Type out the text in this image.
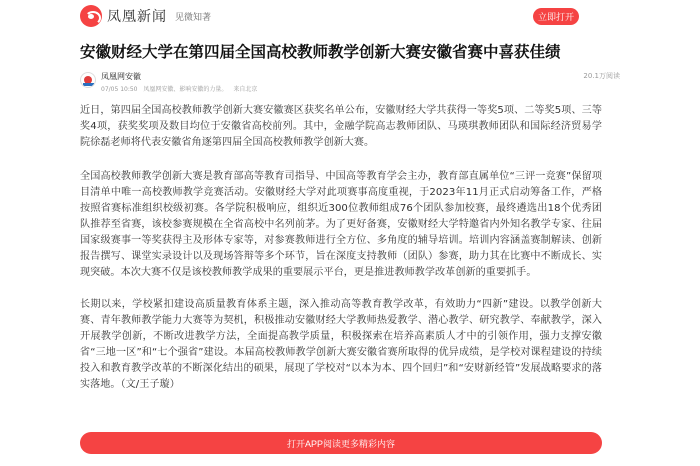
凤凰新闻 见微知著	立即打开
安徽财经大学在第四届全国高校教师教学创新大赛安徽省赛中喜获佳绩
凤凰网安徽
07/05 10:50 凤凰网安徽、影响安徽的力量。 来自北京
20.1万阅读

近日，第四届全国高校教师教学创新大赛安徽赛区获奖名单公布，安徽财经大学共获得一等奖5项、二等奖5项、三等奖4项，获奖奖项及数目均位于安徽省高校前列。其中，金融学院高志教师团队、马瑛琪教师团队和国际经济贸易学院徐磊老师将代表安徽省角逐第四届全国高校教师教学创新大赛。

全国高校教师教学创新大赛是教育部高等教育司指导、中国高等教育学会主办，教育部直属单位“三评一竞赛”保留项目清单中唯一高校教师教学竞赛活动。安徽财经大学对此项赛事高度重视，于2023年11月正式启动筹备工作，严格按照省赛标准组织校级初赛。各学院积极响应，组织近300位教师组成76个团队参加校赛，最终遴选出18个优秀团队推荐至省赛，该校参赛规模在全省高校中名列前茅。为了更好备赛，安徽财经大学特邀省内外知名教学专家、往届国家级赛事一等奖获得主及形体专家等，对参赛教师进行全方位、多角度的辅导培训。培训内容涵盖赛制解读、创新报告撰写、课堂实录设计以及现场答辩等多个环节，旨在深度支持教师（团队）参赛，助力其在比赛中不断成长、实现突破。本次大赛不仅是该校教师教学成果的重要展示平台，更是推进教师教学改革创新的重要抓手。

长期以来，学校紧扣建设高质量教育体系主题，深入推动高等教育教学改革，有效助力“四新”建设。以教学创新大赛、青年教师教学能力大赛等为契机，积极推动安徽财经大学教师热爱教学、潜心教学、研究教学、奉献教学，深入开展教学创新，不断改进教学方法，全面提高教学质量，积极探索在培养高素质人才中的引领作用，强力支撑安徽省“三地一区”和“七个强省”建设。本届高校教师教学创新大赛安徽省赛所取得的优异成绩，是学校对课程建设的持续投入和教育教学改革的不断深化结出的硕果，展现了学校对“以本为本、四个回归”和“安财新经管”发展战略要求的落实落地。（文/王子璇）

打开APP阅读更多精彩内容
